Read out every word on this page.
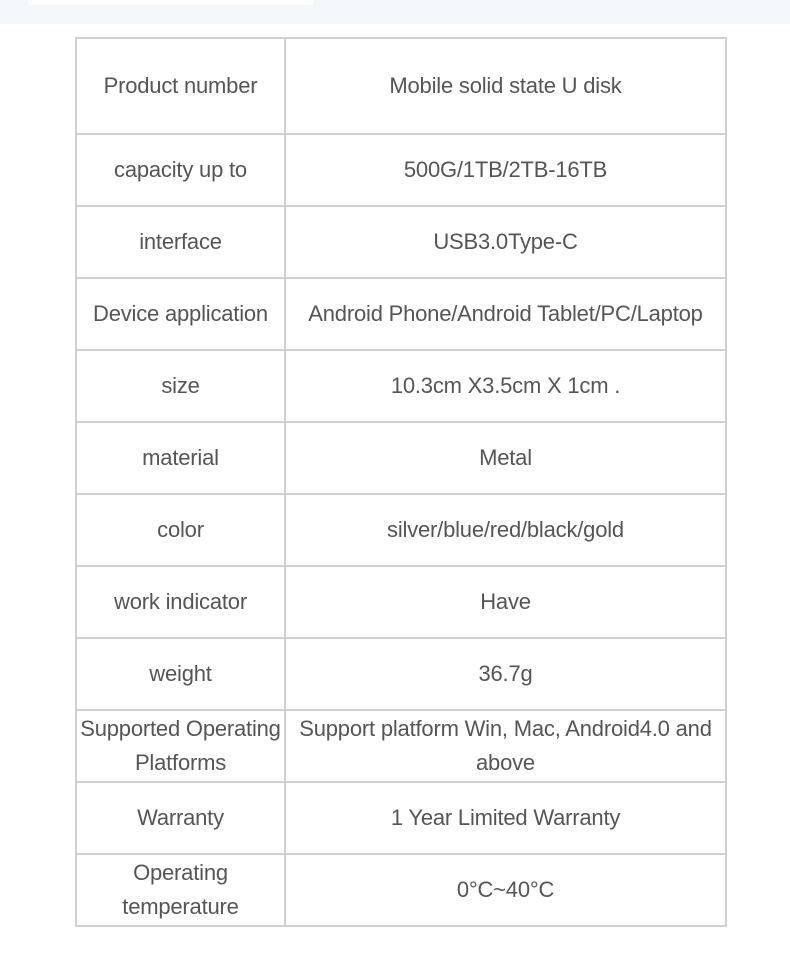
Product number	Mobile solid state U disk
capacity up to	500G/1TB/2TB-16TB
interface	USB3.0Type-C
Device application	Android Phone/Android Tablet/PC/Laptop
size	10.3cm X3.5cm X 1cm .
material	Metal
color	silver/blue/red/black/gold
work indicator	Have
weight	36.7g
Supported Operating Platforms	Support platform Win, Mac, Android4.0 and above
Warranty	1 Year Limited Warranty
Operating temperature	0°C~40°C
